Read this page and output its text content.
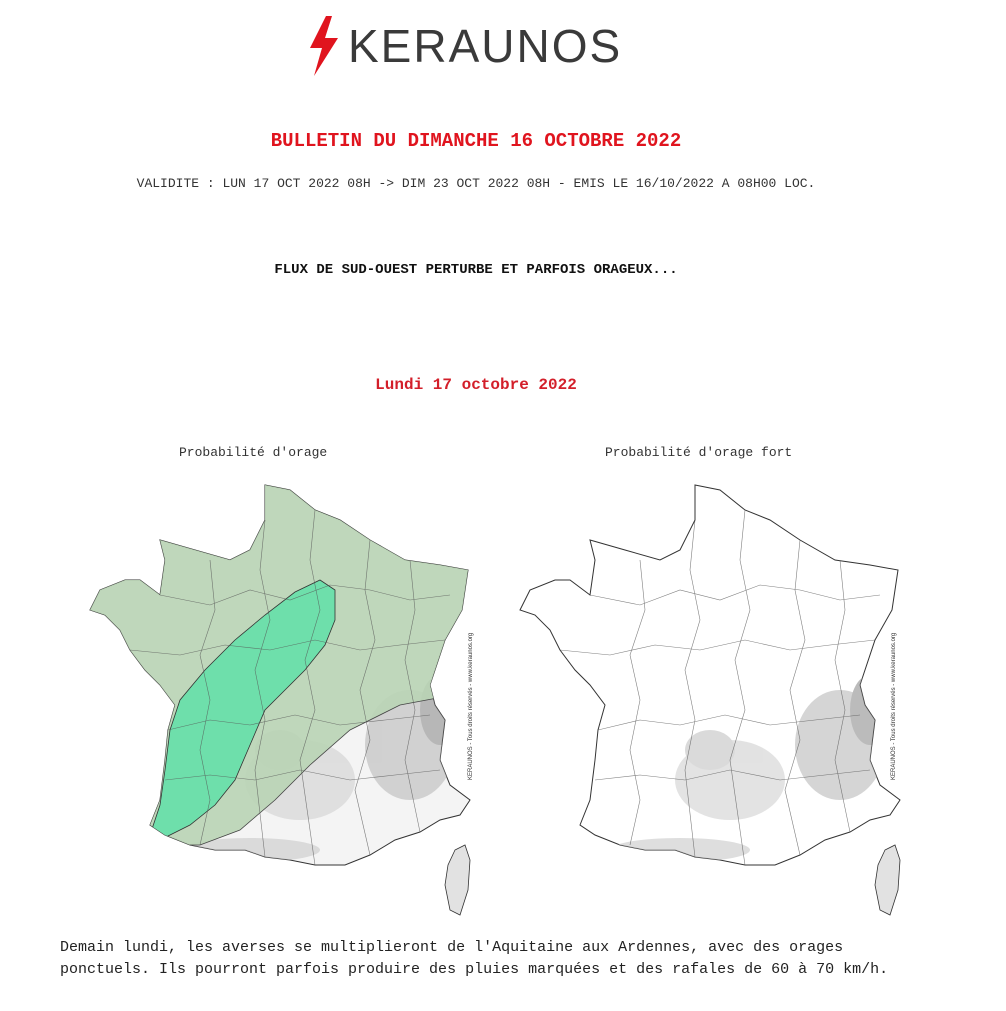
KERAUNOS
BULLETIN DU DIMANCHE 16 OCTOBRE 2022
VALIDITE : LUN 17 OCT 2022 08H -> DIM 23 OCT 2022 08H - EMIS LE 16/10/2022 A 08H00 LOC.
FLUX DE SUD-OUEST PERTURBE ET PARFOIS ORAGEUX...
Lundi 17 octobre 2022
Probabilité d'orage	Probabilité d'orage fort
KERAUNOS - Tous droits réservés - www.keraunos.org	KERAUNOS - Tous droits réservés - www.keraunos.org
Demain lundi, les averses se multiplieront de l'Aquitaine aux Ardennes, avec des orages ponctuels. Ils pourront parfois produire des pluies marquées et des rafales de 60 à 70 km/h.
